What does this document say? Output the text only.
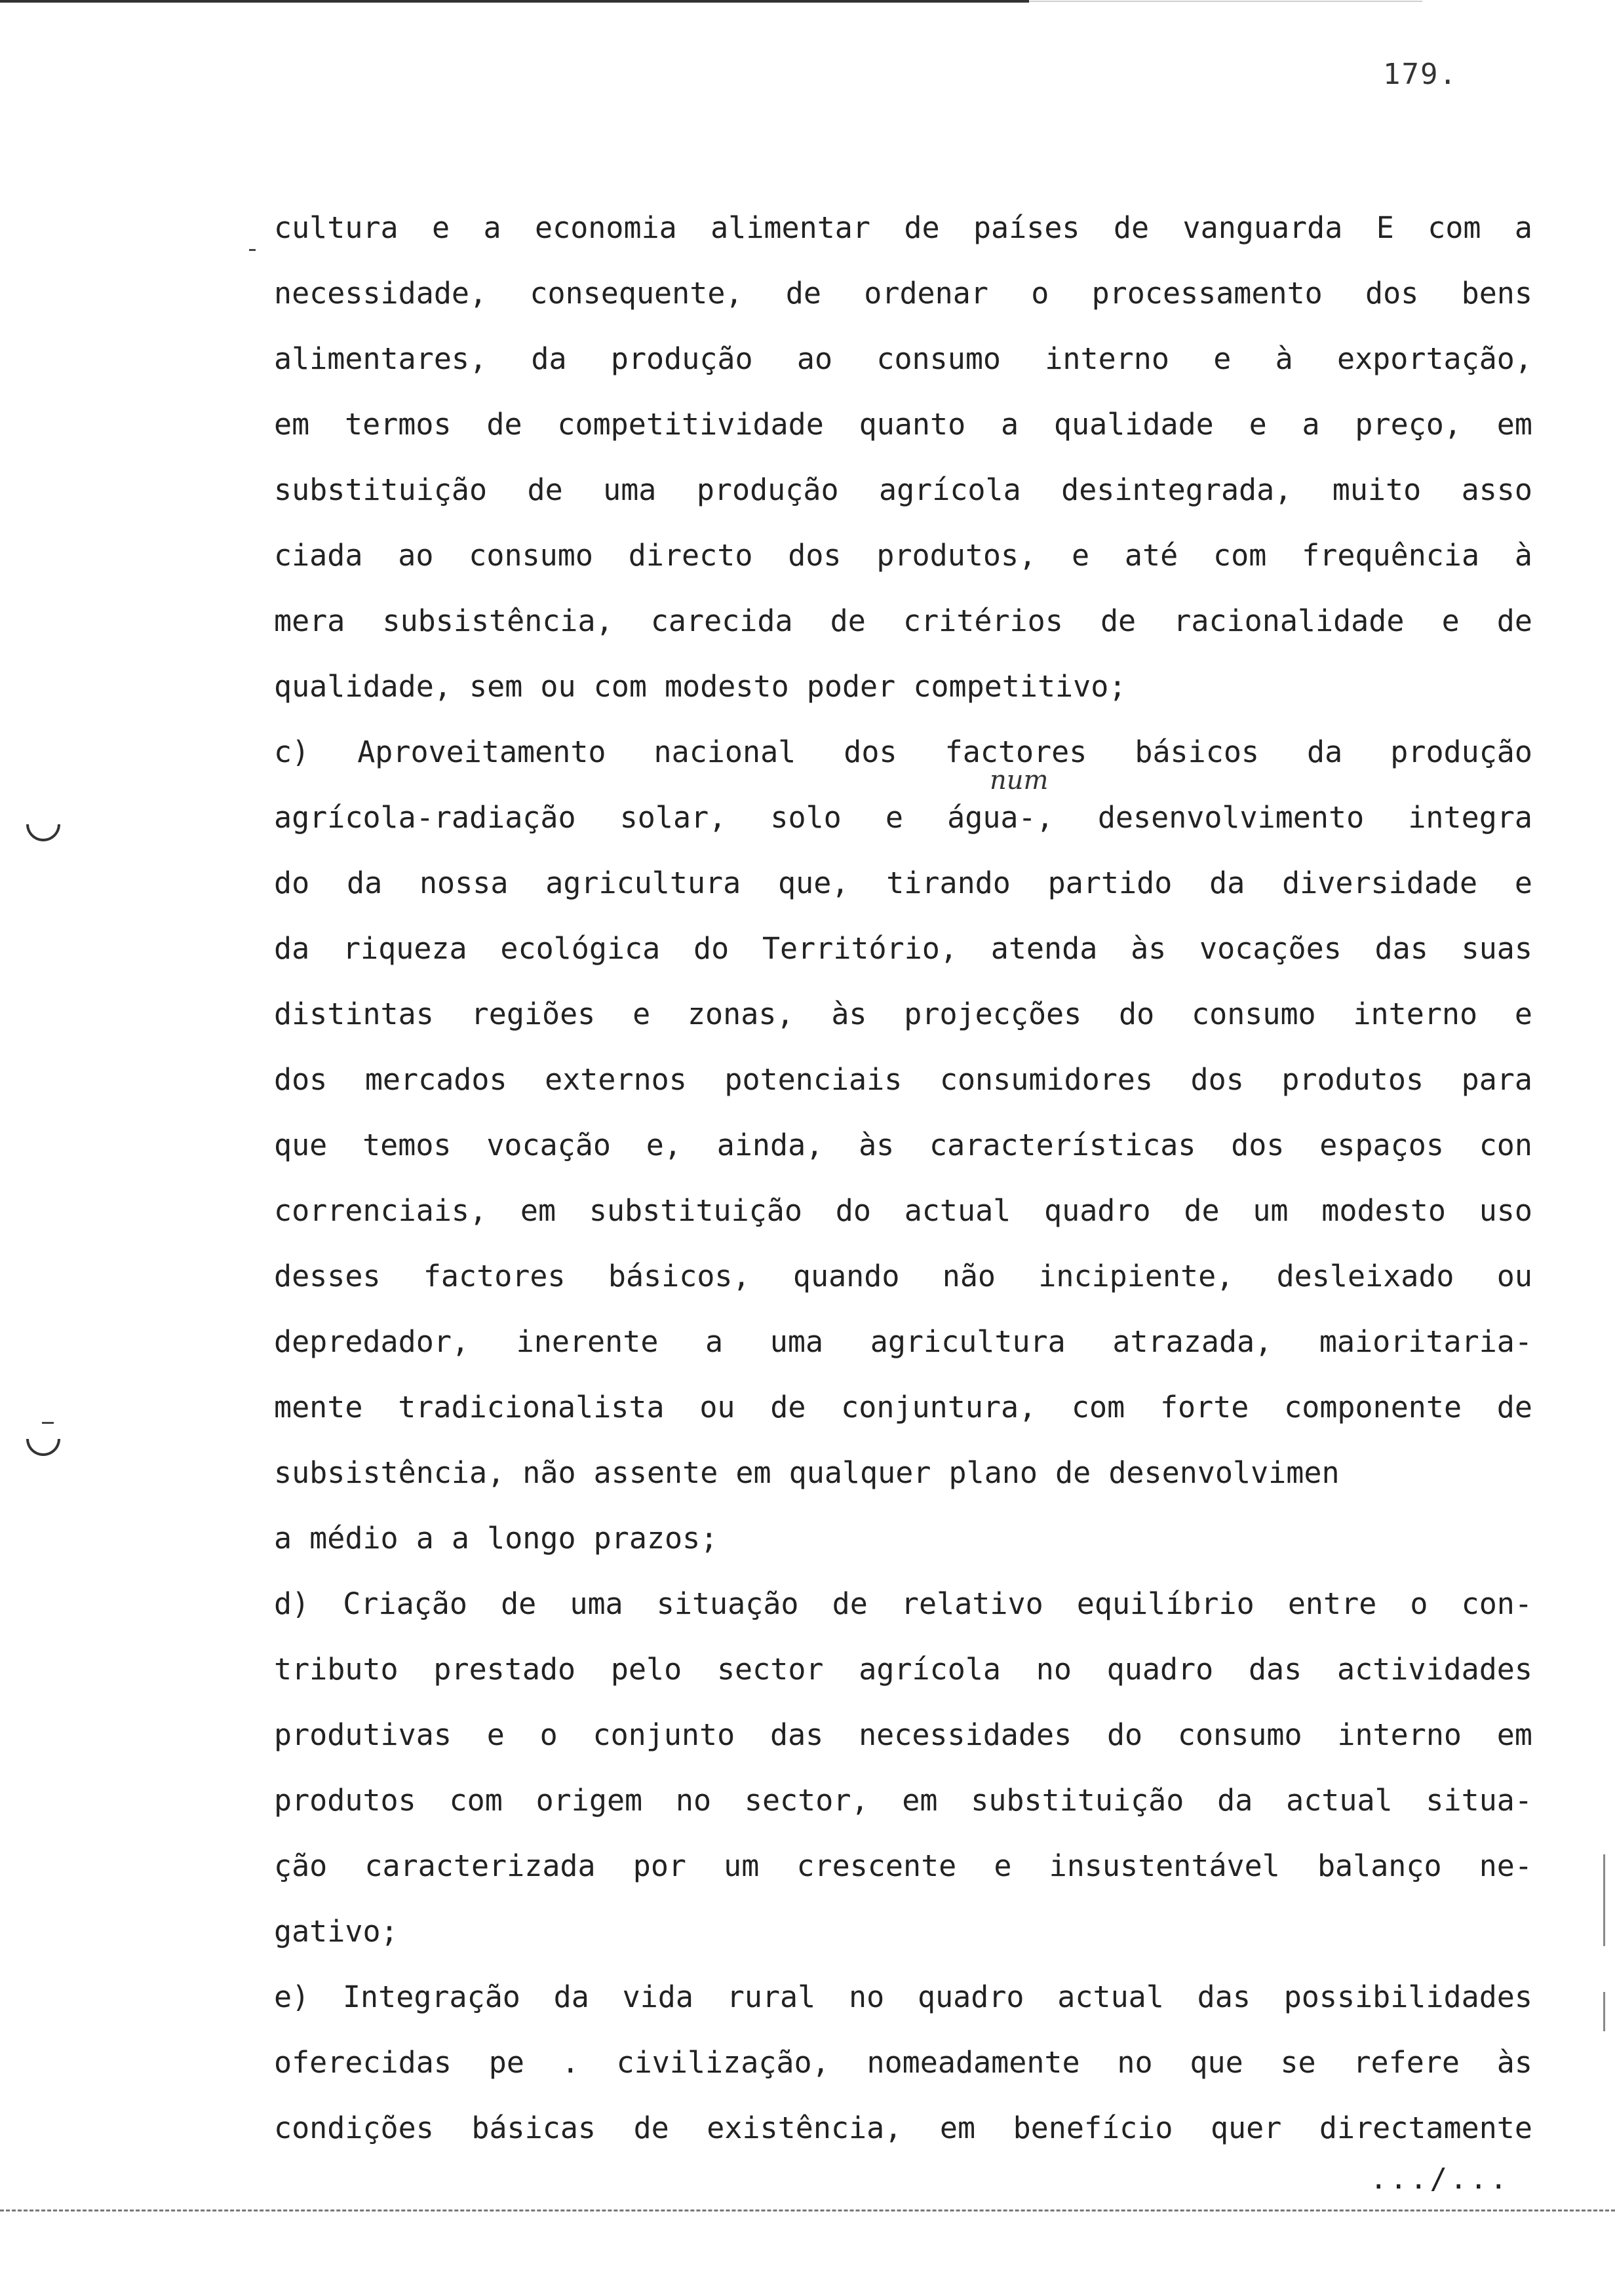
179.
num
cultura e a economia alimentar de países de vanguarda E com a
necessidade, consequente, de ordenar o processamento dos bens
alimentares, da produção ao consumo interno e à exportação,
em termos de competitividade quanto a qualidade e a preço, em
substituição de uma produção agrícola desintegrada, muito asso
ciada ao consumo directo dos produtos, e até com frequência à
mera subsistência, carecida de critérios de racionalidade e de
qualidade, sem ou com modesto poder competitivo;
c) Aproveitamento nacional dos factores básicos da produção
agrícola-radiação solar, solo e água-, desenvolvimento integra
do da nossa agricultura que, tirando partido da diversidade e
da riqueza ecológica do Território, atenda às vocações das suas
distintas regiões e zonas, às projecções do consumo interno e
dos mercados externos potenciais consumidores dos produtos para
que temos vocação e, ainda, às características dos espaços con
correnciais, em substituição do actual quadro de um modesto uso
desses factores básicos, quando não incipiente, desleixado ou
depredador, inerente a uma agricultura atrazada, maioritaria-
mente tradicionalista ou de conjuntura, com forte componente de
subsistência, não assente em qualquer plano de desenvolvimen
a médio a a longo prazos;
d) Criação de uma situação de relativo equilíbrio entre o con-
tributo prestado pelo sector agrícola no quadro das actividades
produtivas e o conjunto das necessidades do consumo interno em
produtos com origem no sector, em substituição da actual situa-
ção caracterizada por um crescente e insustentável balanço ne-
gativo;
e) Integração da vida rural no quadro actual das possibilidades
oferecidas pe . civilização, nomeadamente no que se refere às
condições básicas de existência, em benefício quer directamente
.../...
